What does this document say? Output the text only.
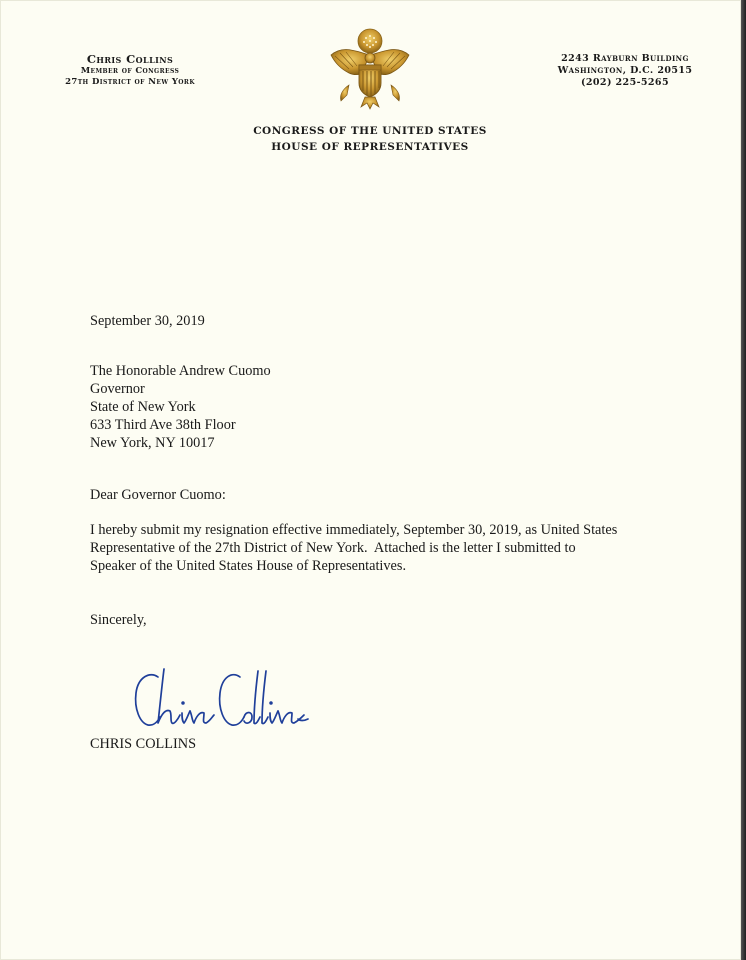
Chris Collins
Member of Congress
27th District of New York
2243 Rayburn Building
Washington, D.C. 20515
(202) 225-5265
CONGRESS OF THE UNITED STATES
HOUSE OF REPRESENTATIVES
September 30, 2019
The Honorable Andrew Cuomo
Governor
State of New York
633 Third Ave 38th Floor
New York, NY 10017
Dear Governor Cuomo:
I hereby submit my resignation effective immediately, September 30, 2019, as United States
Representative of the 27th District of New York.  Attached is the letter I submitted to
Speaker of the United States House of Representatives.
Sincerely,
CHRIS COLLINS
